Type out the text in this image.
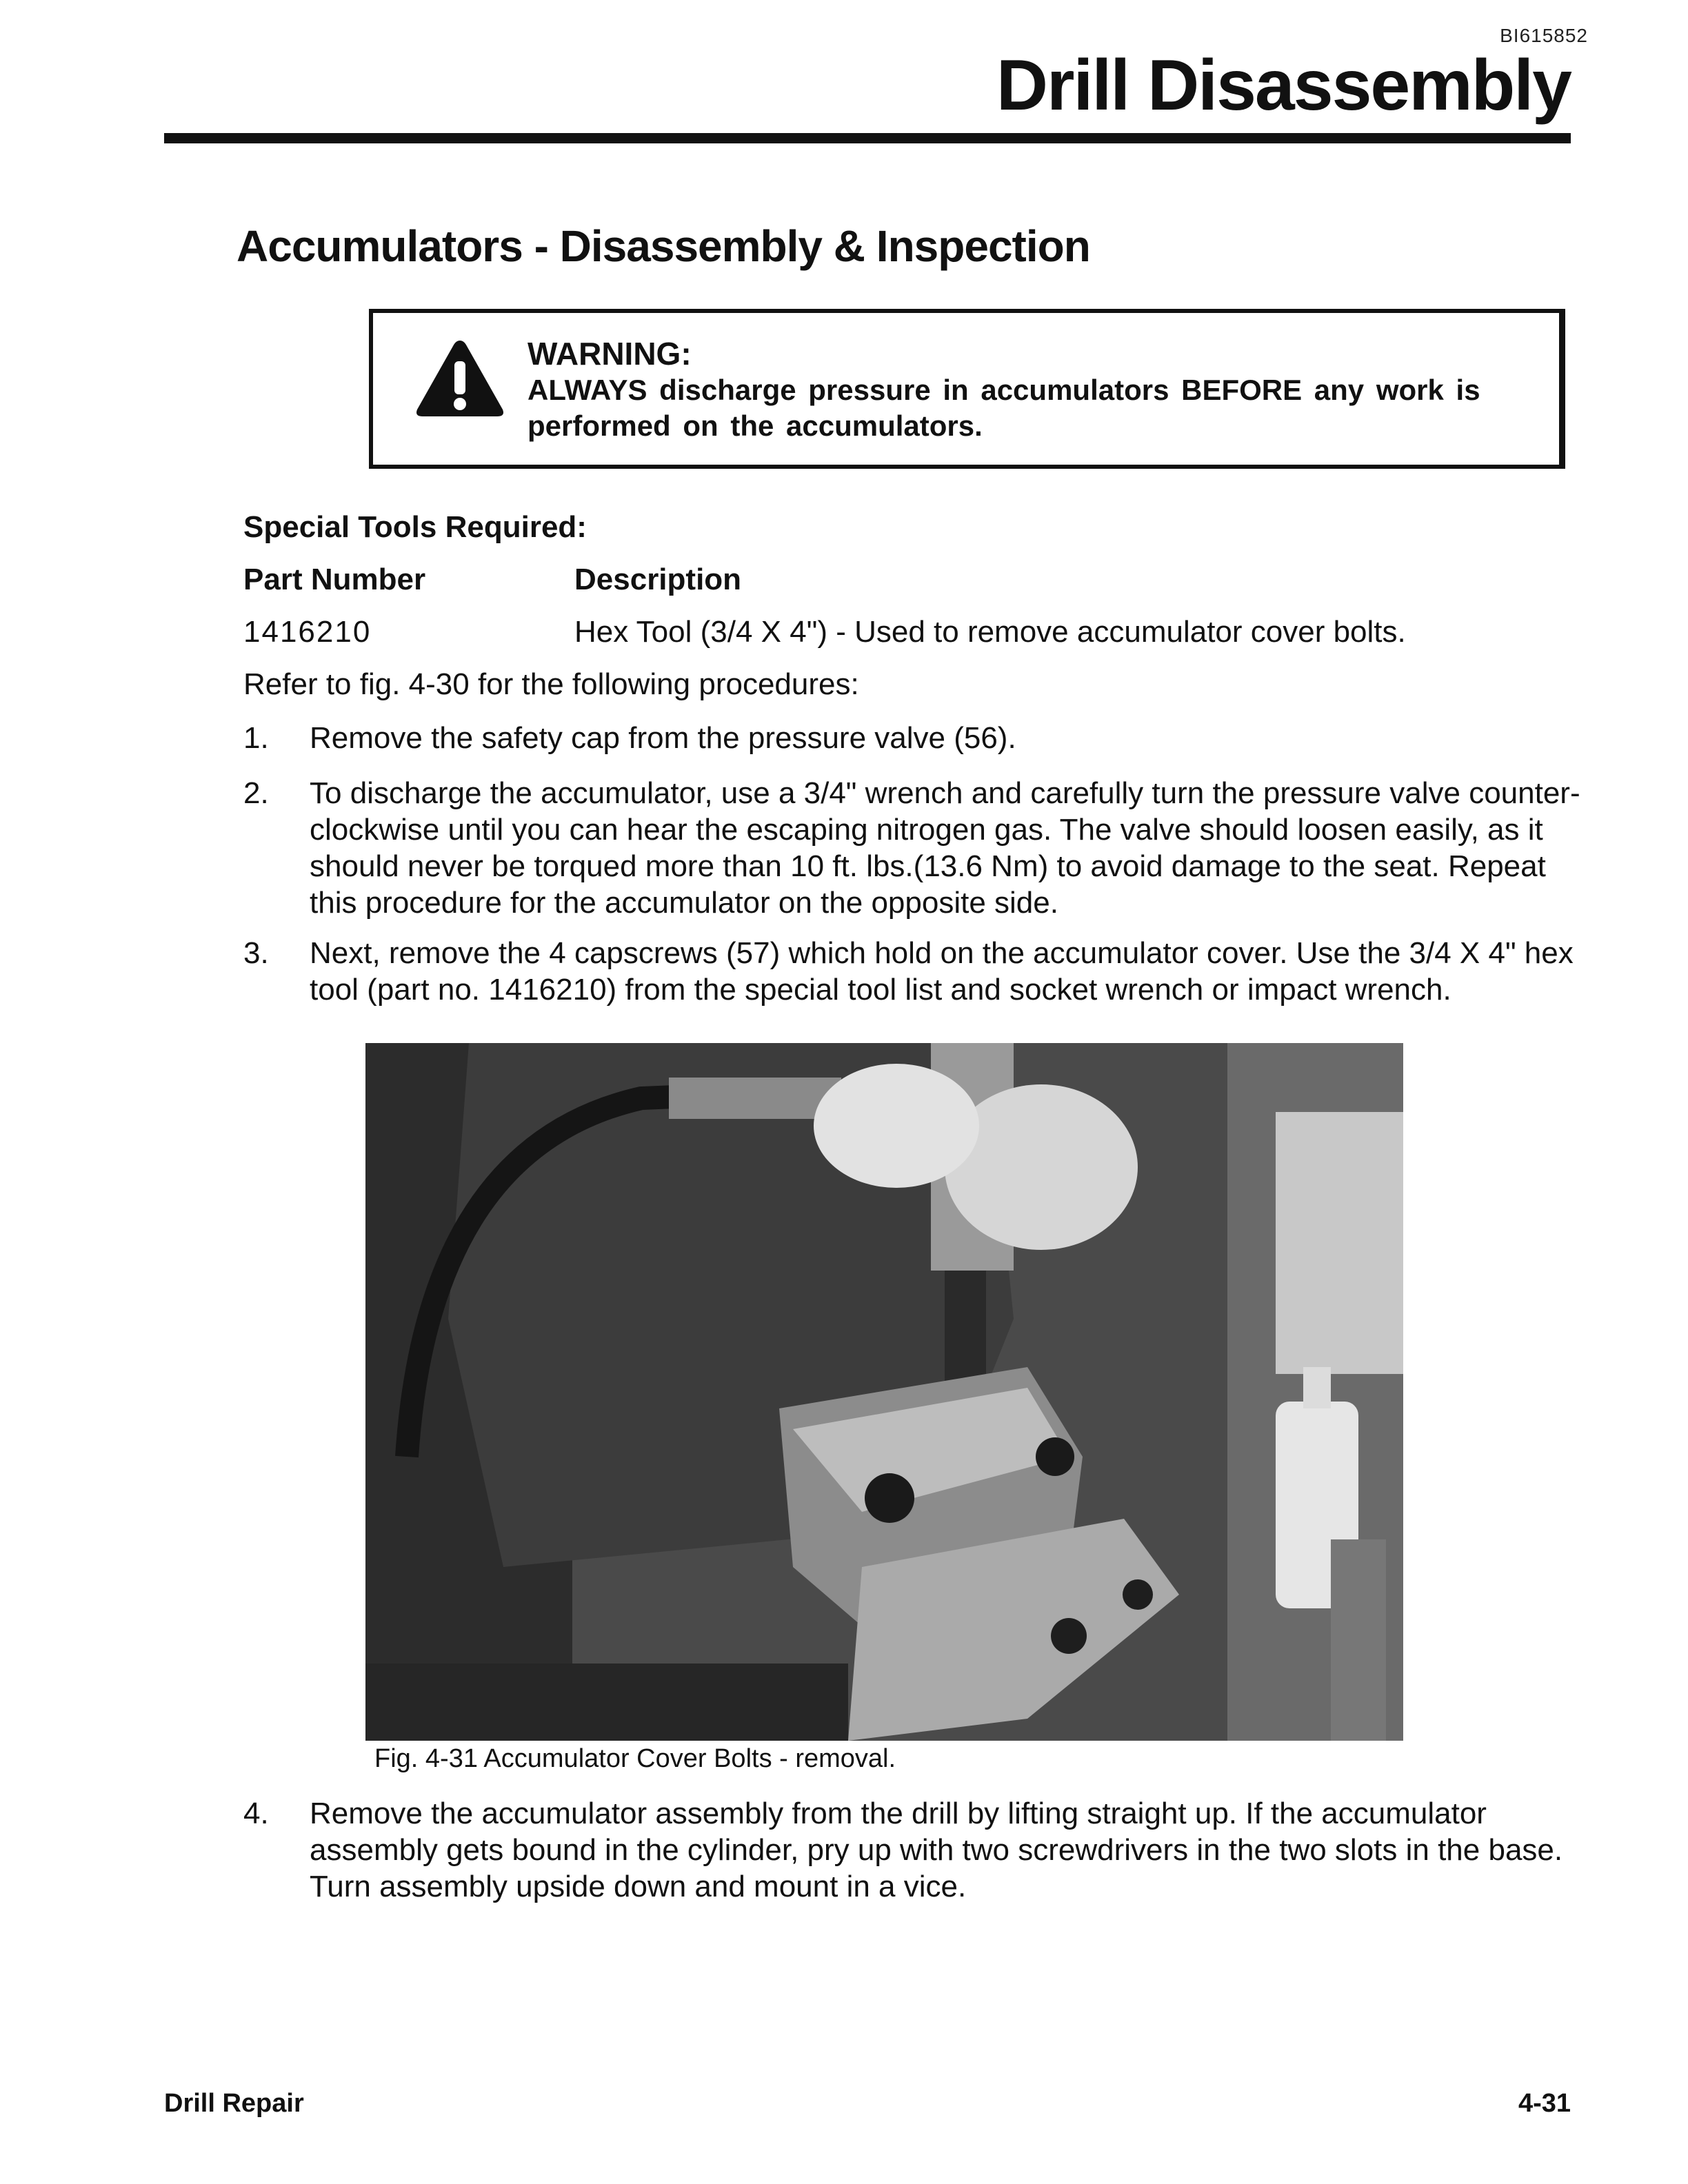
BI615852
Drill Disassembly
Accumulators - Disassembly & Inspection
WARNING:
ALWAYS discharge pressure in accumulators BEFORE any work is performed on the accumulators.
Special Tools Required:
Part Number	Description
1416210	Hex Tool (3/4 X 4") - Used to remove accumulator cover bolts.
Refer to fig. 4-30 for the following procedures:
1. Remove the safety cap from the pressure valve (56).
2. To discharge the accumulator, use a 3/4" wrench and carefully turn the pressure valve counter-clockwise until you can hear the escaping nitrogen gas. The valve should loosen easily, as it should never be torqued more than 10 ft. lbs.(13.6 Nm) to avoid damage to the seat. Repeat this procedure for the accumulator on the opposite side.
3. Next, remove the 4 capscrews (57) which hold on the accumulator cover. Use the 3/4 X 4" hex tool (part no. 1416210) from the special tool list and socket wrench or impact wrench.
Fig. 4-31 Accumulator Cover Bolts - removal.
4. Remove the accumulator assembly from the drill by lifting straight up. If the accumulator assembly gets bound in the cylinder, pry up with two screwdrivers in the two slots in the base. Turn assembly upside down and mount in a vice.
Drill Repair	4-31
